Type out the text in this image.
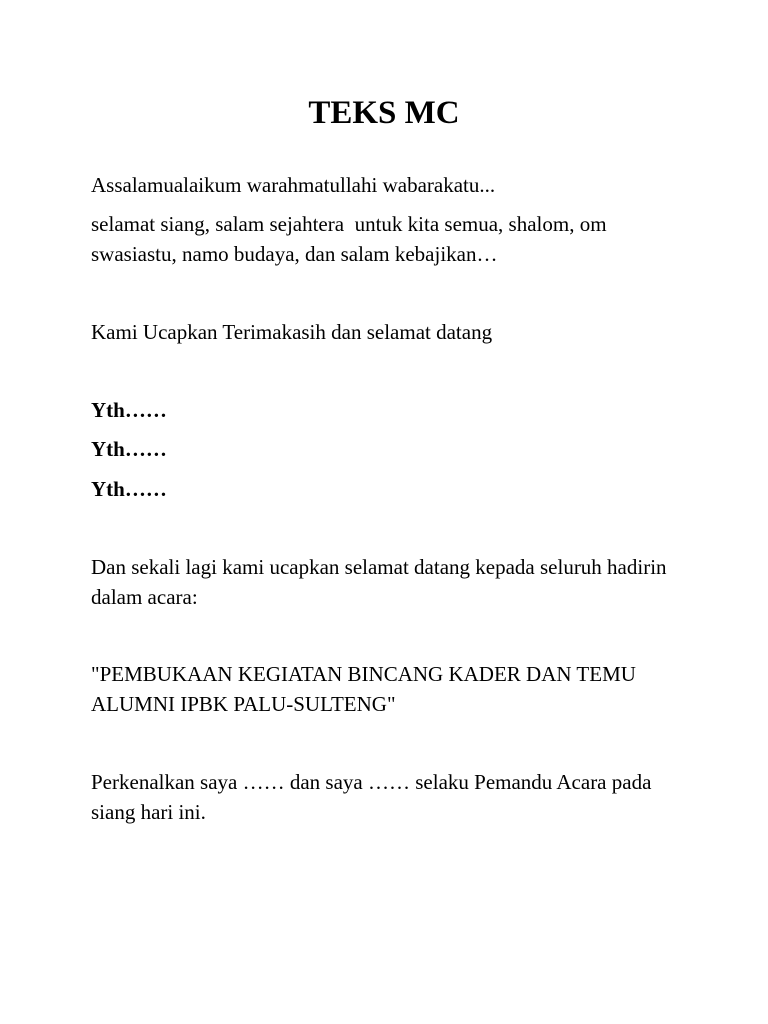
TEKS MC

Assalamualaikum warahmatullahi wabarakatu...

selamat siang, salam sejahtera  untuk kita semua, shalom, om swasiastu, namo budaya, dan salam kebajikan…

Kami Ucapkan Terimakasih dan selamat datang

Yth……

Yth……

Yth……

Dan sekali lagi kami ucapkan selamat datang kepada seluruh hadirin dalam acara:

"PEMBUKAAN KEGIATAN BINCANG KADER DAN TEMU ALUMNI IPBK PALU-SULTENG"

Perkenalkan saya …… dan saya …… selaku Pemandu Acara pada siang hari ini.
